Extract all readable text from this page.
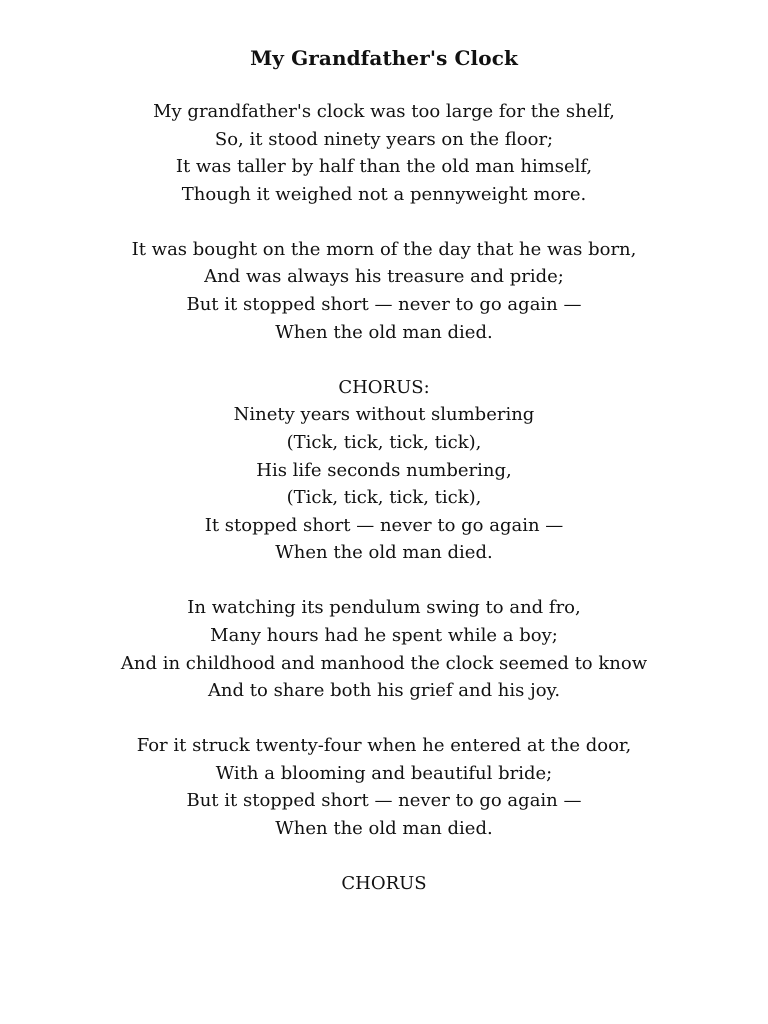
My Grandfather's Clock
My grandfather's clock was too large for the shelf,
So, it stood ninety years on the floor;
It was taller by half than the old man himself,
Though it weighed not a pennyweight more.
It was bought on the morn of the day that he was born,
And was always his treasure and pride;
But it stopped short — never to go again —
When the old man died.
CHORUS:
Ninety years without slumbering
(Tick, tick, tick, tick),
His life seconds numbering,
(Tick, tick, tick, tick),
It stopped short — never to go again —
When the old man died.
In watching its pendulum swing to and fro,
Many hours had he spent while a boy;
And in childhood and manhood the clock seemed to know
And to share both his grief and his joy.
For it struck twenty-four when he entered at the door,
With a blooming and beautiful bride;
But it stopped short — never to go again —
When the old man died.
CHORUS
